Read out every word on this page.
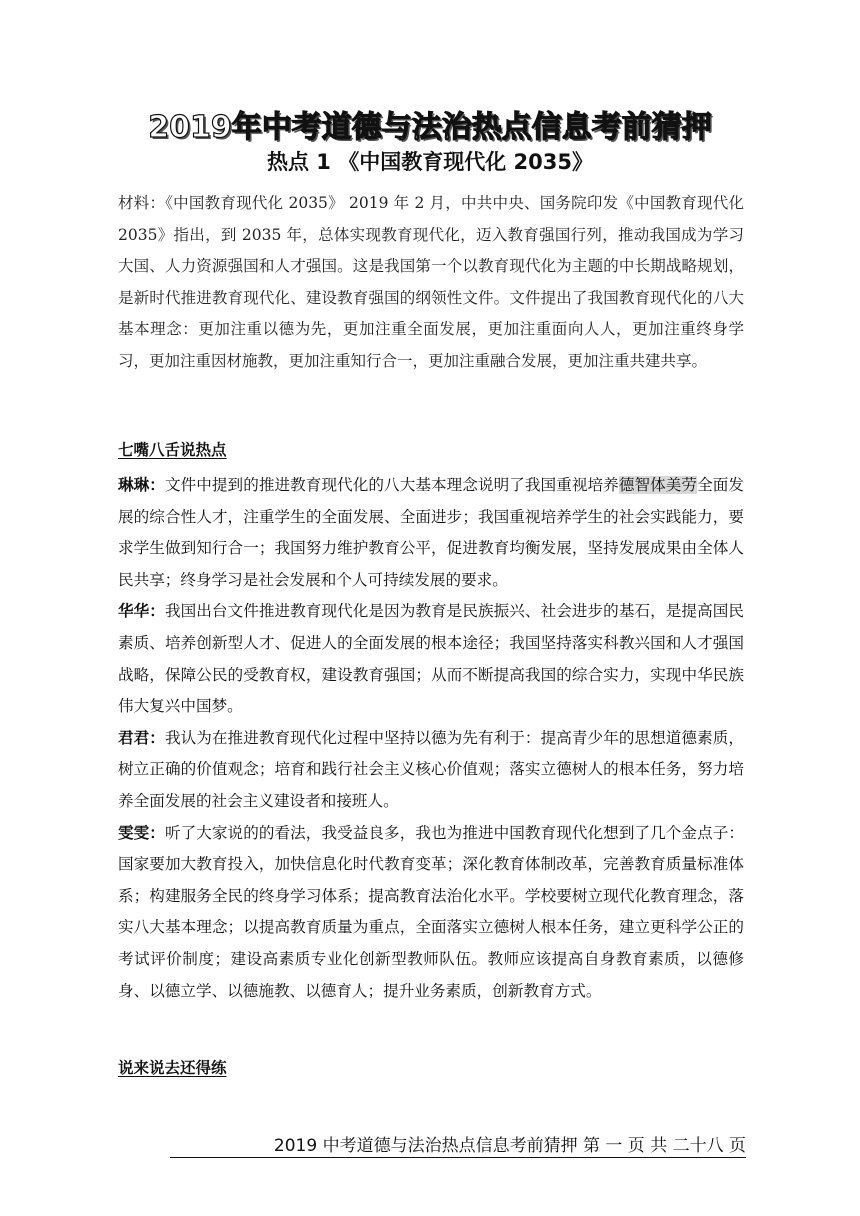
2019年中考道德与法治热点信息考前猜押
热点 1 《中国教育现代化 2035》
材料：《中国教育现代化 2035》 2019 年 2 月，中共中央、国务院印发《中国教育现代化 2035》指出，到 2035 年，总体实现教育现代化，迈入教育强国行列，推动我国成为学习大国、人力资源强国和人才强国。这是我国第一个以教育现代化为主题的中长期战略规划，是新时代推进教育现代化、建设教育强国的纲领性文件。文件提出了我国教育现代化的八大基本理念：更加注重以德为先，更加注重全面发展，更加注重面向人人，更加注重终身学习，更加注重因材施教，更加注重知行合一，更加注重融合发展，更加注重共建共享。
七嘴八舌说热点

琳琳：文件中提到的推进教育现代化的八大基本理念说明了我国重视培养德智体美劳全面发展的综合性人才，注重学生的全面发展、全面进步；我国重视培养学生的社会实践能力，要求学生做到知行合一；我国努力维护教育公平，促进教育均衡发展，坚持发展成果由全体人民共享；终身学习是社会发展和个人可持续发展的要求。

华华：我国出台文件推进教育现代化是因为教育是民族振兴、社会进步的基石，是提高国民素质、培养创新型人才、促进人的全面发展的根本途径；我国坚持落实科教兴国和人才强国战略，保障公民的受教育权，建设教育强国；从而不断提高我国的综合实力，实现中华民族伟大复兴中国梦。

君君：我认为在推进教育现代化过程中坚持以德为先有利于：提高青少年的思想道德素质，树立正确的价值观念；培育和践行社会主义核心价值观；落实立德树人的根本任务，努力培养全面发展的社会主义建设者和接班人。

雯雯：听了大家说的的看法，我受益良多，我也为推进中国教育现代化想到了几个金点子：国家要加大教育投入，加快信息化时代教育变革；深化教育体制改革，完善教育质量标准体系；构建服务全民的终身学习体系；提高教育法治化水平。学校要树立现代化教育理念，落实八大基本理念；以提高教育质量为重点，全面落实立德树人根本任务，建立更科学公正的考试评价制度；建设高素质专业化创新型教师队伍。教师应该提高自身教育素质，以德修身、以德立学、以德施教、以德育人；提升业务素质，创新教育方式。

说来说去还得练
2019 中考道德与法治热点信息考前猜押 第 一 页 共 二十八 页
